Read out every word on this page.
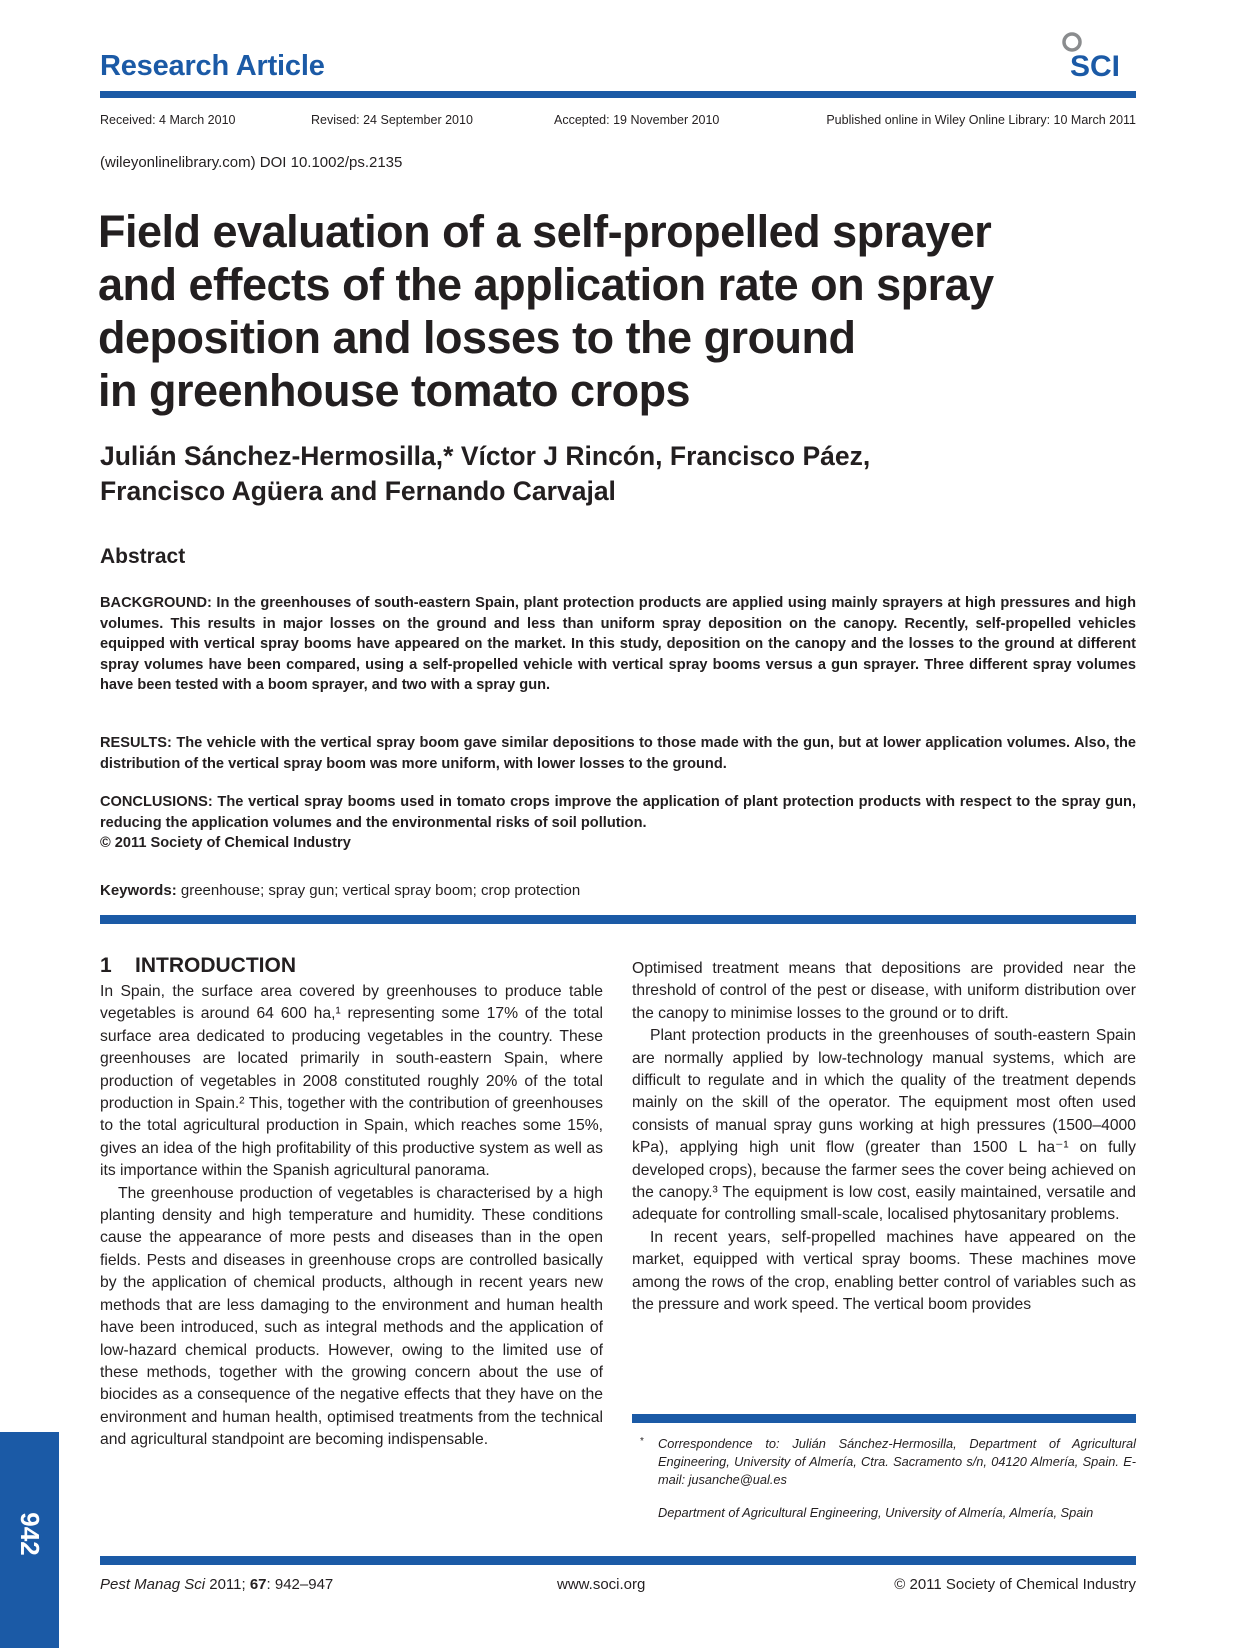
Research Article	SCI
Received: 4 March 2010	Revised: 24 September 2010	Accepted: 19 November 2010	Published online in Wiley Online Library: 10 March 2011
(wileyonlinelibrary.com) DOI 10.1002/ps.2135
Field evaluation of a self-propelled sprayer
and effects of the application rate on spray
deposition and losses to the ground
in greenhouse tomato crops
Julián Sánchez-Hermosilla,* Víctor J Rincón, Francisco Páez,
Francisco Agüera and Fernando Carvajal
Abstract
BACKGROUND: In the greenhouses of south-eastern Spain, plant protection products are applied using mainly sprayers at high pressures and high volumes. This results in major losses on the ground and less than uniform spray deposition on the canopy. Recently, self-propelled vehicles equipped with vertical spray booms have appeared on the market. In this study, deposition on the canopy and the losses to the ground at different spray volumes have been compared, using a self-propelled vehicle with vertical spray booms versus a gun sprayer. Three different spray volumes have been tested with a boom sprayer, and two with a spray gun.
RESULTS: The vehicle with the vertical spray boom gave similar depositions to those made with the gun, but at lower application volumes. Also, the distribution of the vertical spray boom was more uniform, with lower losses to the ground.
CONCLUSIONS: The vertical spray booms used in tomato crops improve the application of plant protection products with respect to the spray gun, reducing the application volumes and the environmental risks of soil pollution.
© 2011 Society of Chemical Industry
Keywords: greenhouse; spray gun; vertical spray boom; crop protection
1    INTRODUCTION

In Spain, the surface area covered by greenhouses to produce table vegetables is around 64 600 ha,¹ representing some 17% of the total surface area dedicated to producing vegetables in the country. These greenhouses are located primarily in south-eastern Spain, where production of vegetables in 2008 constituted roughly 20% of the total production in Spain.² This, together with the contribution of greenhouses to the total agricultural production in Spain, which reaches some 15%, gives an idea of the high profitability of this productive system as well as its importance within the Spanish agricultural panorama.

The greenhouse production of vegetables is characterised by a high planting density and high temperature and humidity. These conditions cause the appearance of more pests and diseases than in the open fields. Pests and diseases in greenhouse crops are controlled basically by the application of chemical products, although in recent years new methods that are less damaging to the environment and human health have been introduced, such as integral methods and the application of low-hazard chemical products. However, owing to the limited use of these methods, together with the growing concern about the use of biocides as a consequence of the negative effects that they have on the environment and human health, optimised treatments from the technical and agricultural standpoint are becoming indispensable.

Optimised treatment means that depositions are provided near the threshold of control of the pest or disease, with uniform distribution over the canopy to minimise losses to the ground or to drift.

Plant protection products in the greenhouses of south-eastern Spain are normally applied by low-technology manual systems, which are difficult to regulate and in which the quality of the treatment depends mainly on the skill of the operator. The equipment most often used consists of manual spray guns working at high pressures (1500–4000 kPa), applying high unit flow (greater than 1500 L ha⁻¹ on fully developed crops), because the farmer sees the cover being achieved on the canopy.³ The equipment is low cost, easily maintained, versatile and adequate for controlling small-scale, localised phytosanitary problems.

In recent years, self-propelled machines have appeared on the market, equipped with vertical spray booms. These machines move among the rows of the crop, enabling better control of variables such as the pressure and work speed. The vertical boom provides

* Correspondence to: Julián Sánchez-Hermosilla, Department of Agricultural Engineering, University of Almería, Ctra. Sacramento s/n, 04120 Almería, Spain. E-mail: jusanche@ual.es
Department of Agricultural Engineering, University of Almería, Almería, Spain
942
Pest Manag Sci 2011; 67: 942–947	www.soci.org	© 2011 Society of Chemical Industry
